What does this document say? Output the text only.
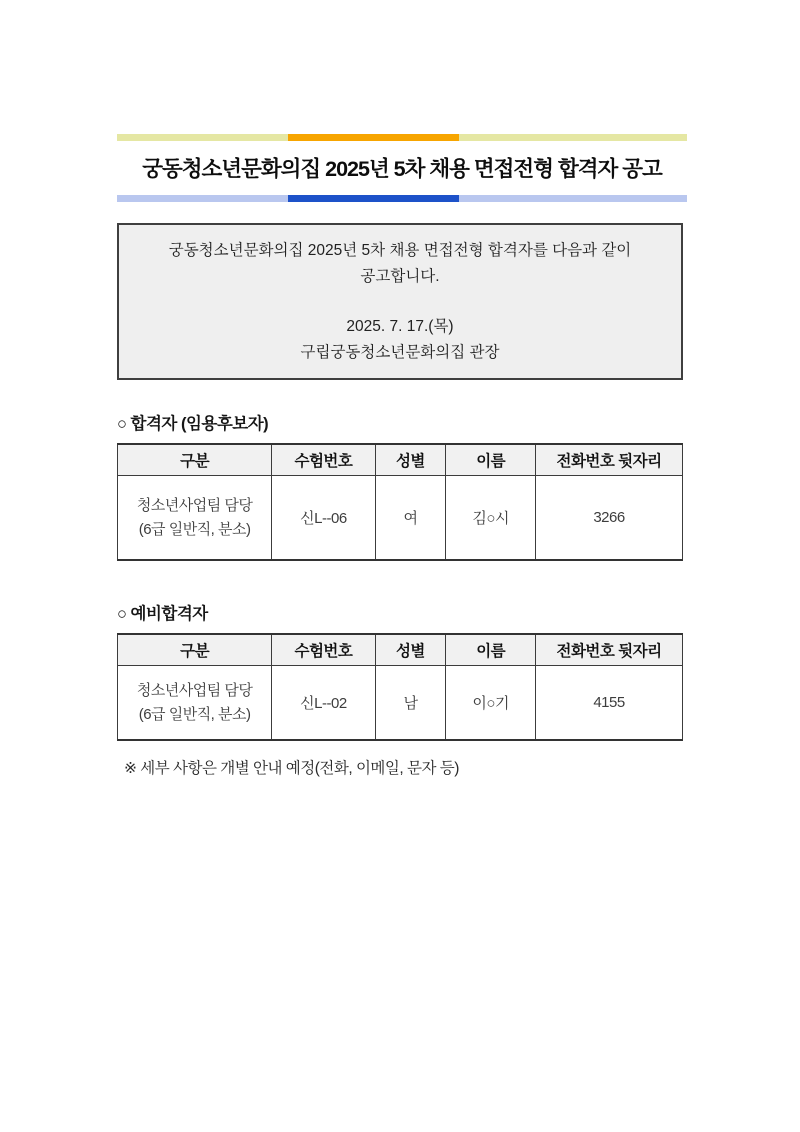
궁동청소년문화의집 2025년 5차 채용 면접전형 합격자 공고
궁동청소년문화의집 2025년 5차 채용 면접전형 합격자를 다음과 같이
공고합니다.
2025. 7. 17.(목)
구립궁동청소년문화의집 관장
○ 합격자 (임용후보자)
구분	수험번호	성별	이름	전화번호 뒷자리

청소년사업팀 담당
(6급 일반직, 분소)	신L--06	여	김○시	3266
○ 예비합격자
구분	수험번호	성별	이름	전화번호 뒷자리

청소년사업팀 담당
(6급 일반직, 분소)	신L--02	남	이○기	4155
※ 세부 사항은 개별 안내 예정(전화, 이메일, 문자 등)
